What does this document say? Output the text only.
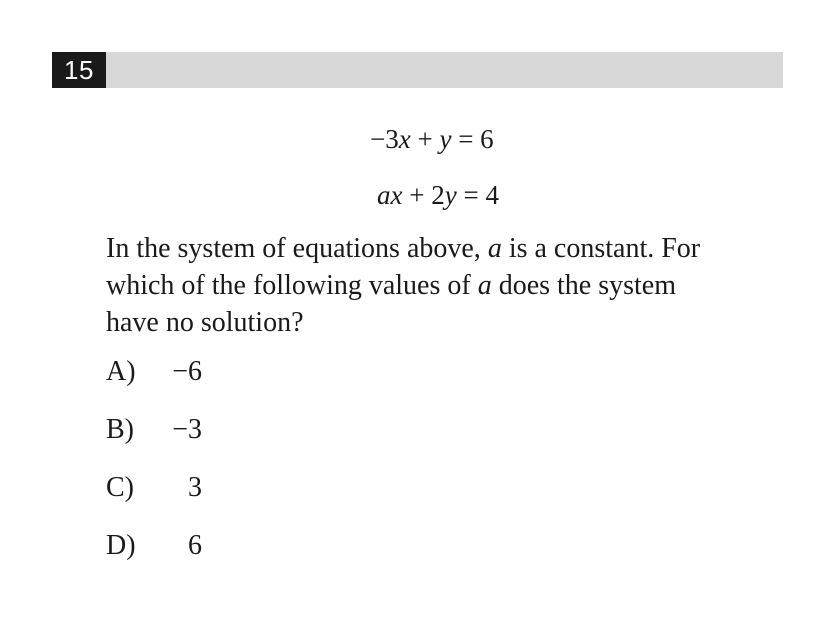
15
−3x + y = 6
ax + 2y = 4
In the system of equations above, a is a constant. For
which of the following values of a does the system
have no solution?
A)	−6
B)	−3
C)	3
D)	6
